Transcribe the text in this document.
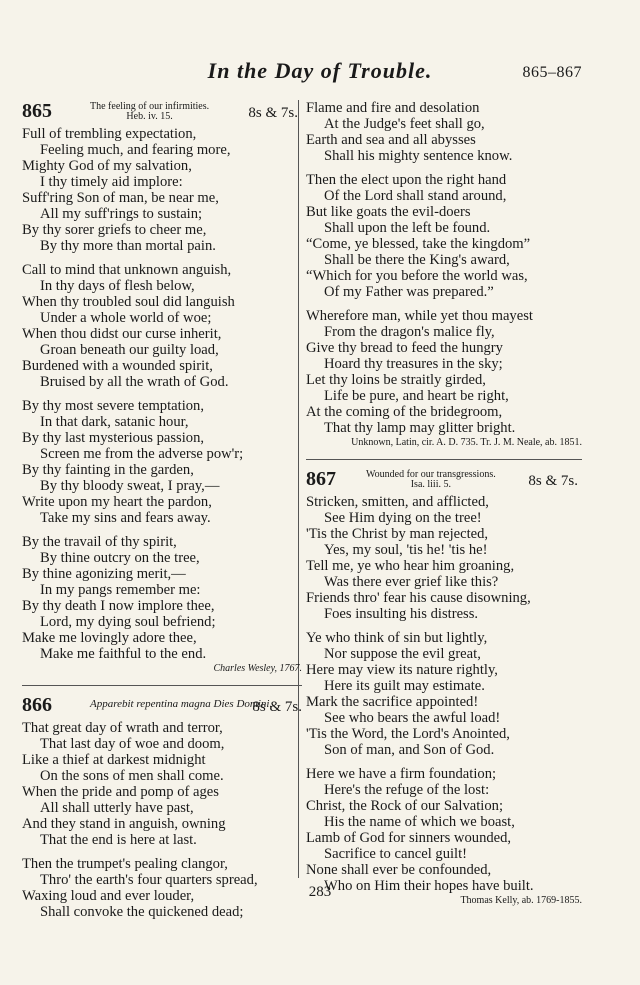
In the Day of Trouble.	865–867
865	The feeling of our infirmities.
Heb. iv. 15.	8s & 7s.
Full of trembling expectation,
Feeling much, and fearing more,
Mighty God of my salvation,
I thy timely aid implore:
Suff'ring Son of man, be near me,
All my suff'rings to sustain;
By thy sorer griefs to cheer me,
By thy more than mortal pain.
Call to mind that unknown anguish,
In thy days of flesh below,
When thy troubled soul did languish
Under a whole world of woe;
When thou didst our curse inherit,
Groan beneath our guilty load,
Burdened with a wounded spirit,
Bruised by all the wrath of God.
By thy most severe temptation,
In that dark, satanic hour,
By thy last mysterious passion,
Screen me from the adverse pow'r;
By thy fainting in the garden,
By thy bloody sweat, I pray,—
Write upon my heart the pardon,
Take my sins and fears away.
By the travail of thy spirit,
By thine outcry on the tree,
By thine agonizing merit,—
In my pangs remember me:
By thy death I now implore thee,
Lord, my dying soul befriend;
Make me lovingly adore thee,
Make me faithful to the end.
Charles Wesley, 1767.
866	Apparebit repentina magna Dies Domini.
8s & 7s.
That great day of wrath and terror,
That last day of woe and doom,
Like a thief at darkest midnight
On the sons of men shall come.
When the pride and pomp of ages
All shall utterly have past,
And they stand in anguish, owning
That the end is here at last.
Then the trumpet's pealing clangor,
Thro' the earth's four quarters spread,
Waxing loud and ever louder,
Shall convoke the quickened dead;
Flame and fire and desolation
At the Judge's feet shall go,
Earth and sea and all abysses
Shall his mighty sentence know.
Then the elect upon the right hand
Of the Lord shall stand around,
But like goats the evil-doers
Shall upon the left be found.
“Come, ye blessed, take the kingdom”
Shall be there the King's award,
“Which for you before the world was,
Of my Father was prepared.”
Wherefore man, while yet thou mayest
From the dragon's malice fly,
Give thy bread to feed the hungry
Hoard thy treasures in the sky;
Let thy loins be straitly girded,
Life be pure, and heart be right,
At the coming of the bridegroom,
That thy lamp may glitter bright.
Unknown, Latin, cir. A. D. 735. Tr. J. M. Neale, ab. 1851.
867	Wounded for our transgressions.
Isa. liii. 5.	8s & 7s.
Stricken, smitten, and afflicted,
See Him dying on the tree!
'Tis the Christ by man rejected,
Yes, my soul, 'tis he! 'tis he!
Tell me, ye who hear him groaning,
Was there ever grief like this?
Friends thro' fear his cause disowning,
Foes insulting his distress.
Ye who think of sin but lightly,
Nor suppose the evil great,
Here may view its nature rightly,
Here its guilt may estimate.
Mark the sacrifice appointed!
See who bears the awful load!
'Tis the Word, the Lord's Anointed,
Son of man, and Son of God.
Here we have a firm foundation;
Here's the refuge of the lost:
Christ, the Rock of our Salvation;
His the name of which we boast,
Lamb of God for sinners wounded,
Sacrifice to cancel guilt!
None shall ever be confounded,
Who on Him their hopes have built.
Thomas Kelly, ab. 1769-1855.
283
